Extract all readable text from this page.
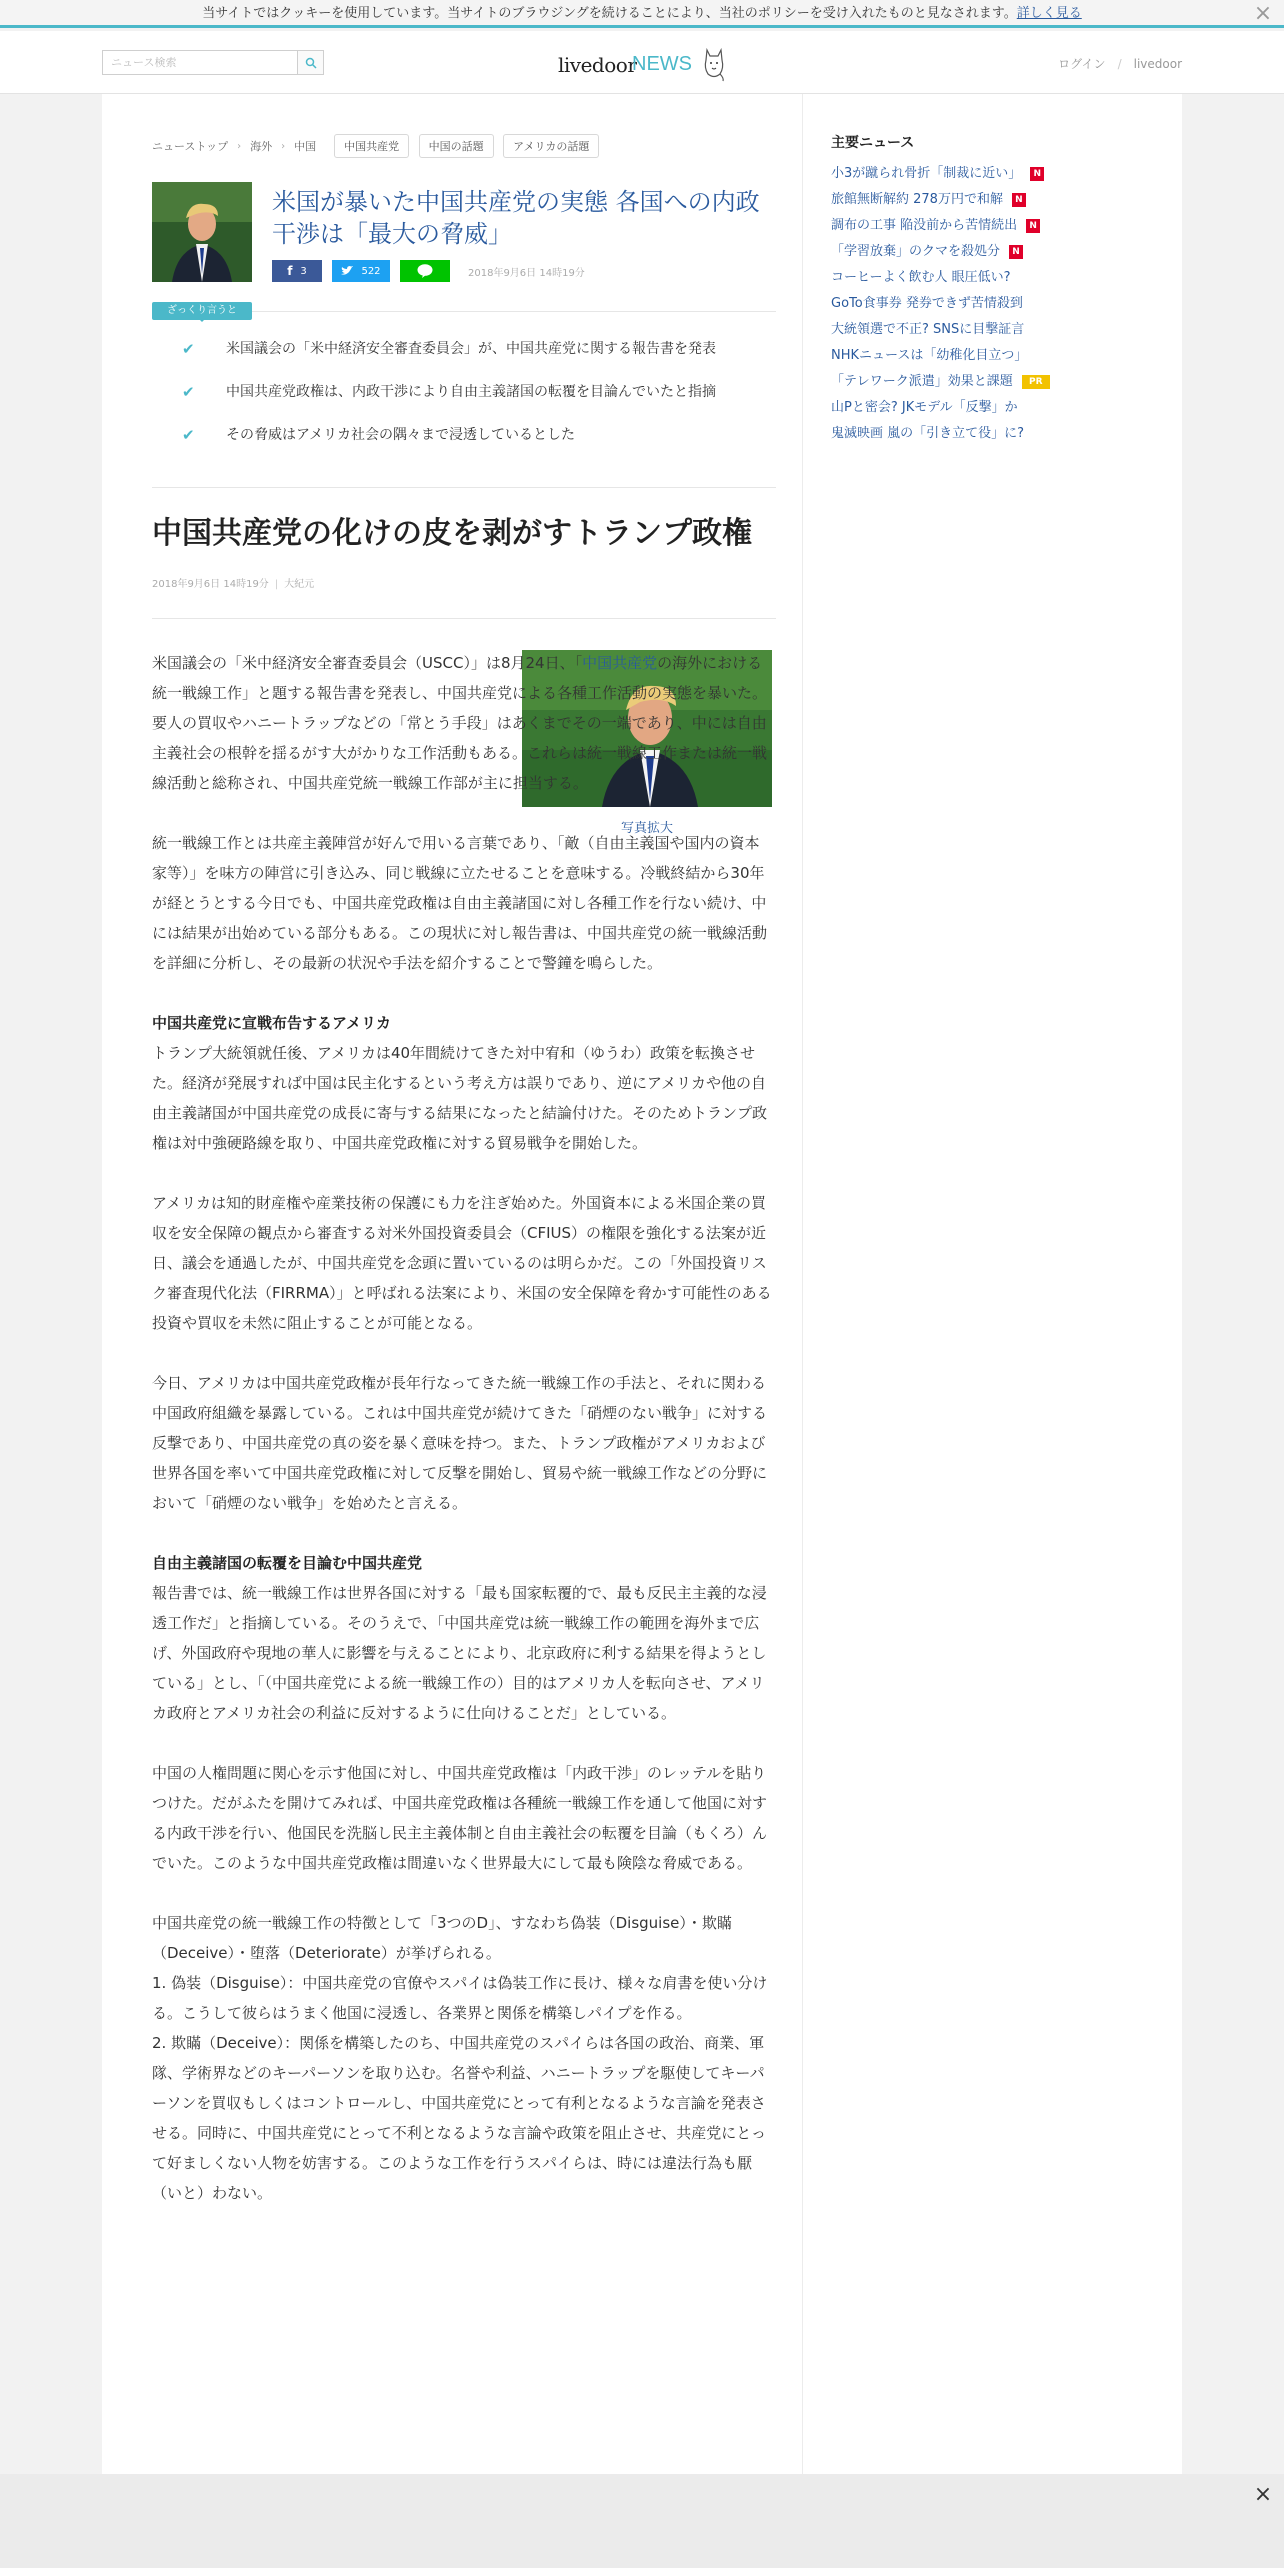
当サイトではクッキーを使用しています。当サイトのブラウジングを続けることにより、当社のポリシーを受け入れたものと見なされます。詳しく見る	×
ニュース検索
livedoor
NEWS	ログイン / livedoor
ニューストップ › 海外 › 中国	中国共産党	中国の話題	アメリカの話題
米国が暴いた中国共産党の実態 各国への内政干渉は「最大の脅威」
f 3	522	2018年9月6日 14時19分
ざっくり言うと
✔ 米国議会の「米中経済安全審査委員会」が、中国共産党に関する報告書を発表
✔ 中国共産党政権は、内政干渉により自由主義諸国の転覆を目論んでいたと指摘
✔ その脅威はアメリカ社会の隅々まで浸透しているとした
中国共産党の化けの皮を剥がすトランプ政権
2018年9月6日 14時19分 | 大紀元
写真拡大

米国議会の「米中経済安全審査委員会（USCC）」は8月24日、「中国共産党の海外における統一戦線工作」と題する報告書を発表し、中国共産党による各種工作活動の実態を暴いた。要人の買収やハニートラップなどの「常とう手段」はあくまでその一端であり、中には自由主義社会の根幹を揺るがす大がかりな工作活動もある。これらは統一戦線工作または統一戦線活動と総称され、中国共産党統一戦線工作部が主に担当する。

統一戦線工作とは共産主義陣営が好んで用いる言葉であり、「敵（自由主義国や国内の資本家等）」を味方の陣営に引き込み、同じ戦線に立たせることを意味する。冷戦終結から30年が経とうとする今日でも、中国共産党政権は自由主義諸国に対し各種工作を行ない続け、中には結果が出始めている部分もある。この現状に対し報告書は、中国共産党の統一戦線活動を詳細に分析し、その最新の状況や手法を紹介することで警鐘を鳴らした。

中国共産党に宣戦布告するアメリカ
トランプ大統領就任後、アメリカは40年間続けてきた対中宥和（ゆうわ）政策を転換させた。経済が発展すれば中国は民主化するという考え方は誤りであり、逆にアメリカや他の自由主義諸国が中国共産党の成長に寄与する結果になったと結論付けた。そのためトランプ政権は対中強硬路線を取り、中国共産党政権に対する貿易戦争を開始した。

アメリカは知的財産権や産業技術の保護にも力を注ぎ始めた。外国資本による米国企業の買収を安全保障の観点から審査する対米外国投資委員会（CFIUS）の権限を強化する法案が近日、議会を通過したが、中国共産党を念頭に置いているのは明らかだ。この「外国投資リスク審査現代化法（FIRRMA）」と呼ばれる法案により、米国の安全保障を脅かす可能性のある投資や買収を未然に阻止することが可能となる。

今日、アメリカは中国共産党政権が長年行なってきた統一戦線工作の手法と、それに関わる中国政府組織を暴露している。これは中国共産党が続けてきた「硝煙のない戦争」に対する反撃であり、中国共産党の真の姿を暴く意味を持つ。また、トランプ政権がアメリカおよび世界各国を率いて中国共産党政権に対して反撃を開始し、貿易や統一戦線工作などの分野において「硝煙のない戦争」を始めたと言える。

自由主義諸国の転覆を目論む中国共産党
報告書では、統一戦線工作は世界各国に対する「最も国家転覆的で、最も反民主主義的な浸透工作だ」と指摘している。そのうえで、「中国共産党は統一戦線工作の範囲を海外まで広げ、外国政府や現地の華人に影響を与えることにより、北京政府に利する結果を得ようとしている」とし、「（中国共産党による統一戦線工作の）目的はアメリカ人を転向させ、アメリカ政府とアメリカ社会の利益に反対するように仕向けることだ」としている。

中国の人権問題に関心を示す他国に対し、中国共産党政権は「内政干渉」のレッテルを貼りつけた。だがふたを開けてみれば、中国共産党政権は各種統一戦線工作を通して他国に対する内政干渉を行い、他国民を洗脳し民主主義体制と自由主義社会の転覆を目論（もくろ）んでいた。このような中国共産党政権は間違いなく世界最大にして最も険陰な脅威である。

中国共産党の統一戦線工作の特徴として「3つのD」、すなわち偽装（Disguise）・欺瞞（Deceive）・堕落（Deteriorate）が挙げられる。
1. 偽装（Disguise）：中国共産党の官僚やスパイは偽装工作に長け、様々な肩書を使い分ける。こうして彼らはうまく他国に浸透し、各業界と関係を構築しパイプを作る。
2. 欺瞞（Deceive）：関係を構築したのち、中国共産党のスパイらは各国の政治、商業、軍隊、学術界などのキーパーソンを取り込む。名誉や利益、ハニートラップを駆使してキーパーソンを買収もしくはコントロールし、中国共産党にとって有利となるような言論を発表させる。同時に、中国共産党にとって不利となるような言論や政策を阻止させ、共産党にとって好ましくない人物を妨害する。このような工作を行うスパイらは、時には違法行為も厭（いと）わない。
主要ニュース
小3が蹴られ骨折「制裁に近い」	N
旅館無断解約 278万円で和解	N
調布の工事 陥没前から苦情続出	N
「学習放棄」のクマを殺処分	N
コーヒーよく飲む人 眼圧低い?
GoTo食事券 発券できず苦情殺到
大統領選で不正? SNSに目撃証言
NHKニュースは「幼稚化目立つ」
「テレワーク派遣」効果と課題	PR
山Pと密会? JKモデル「反撃」か
鬼滅映画 嵐の「引き立て役」に?
×
